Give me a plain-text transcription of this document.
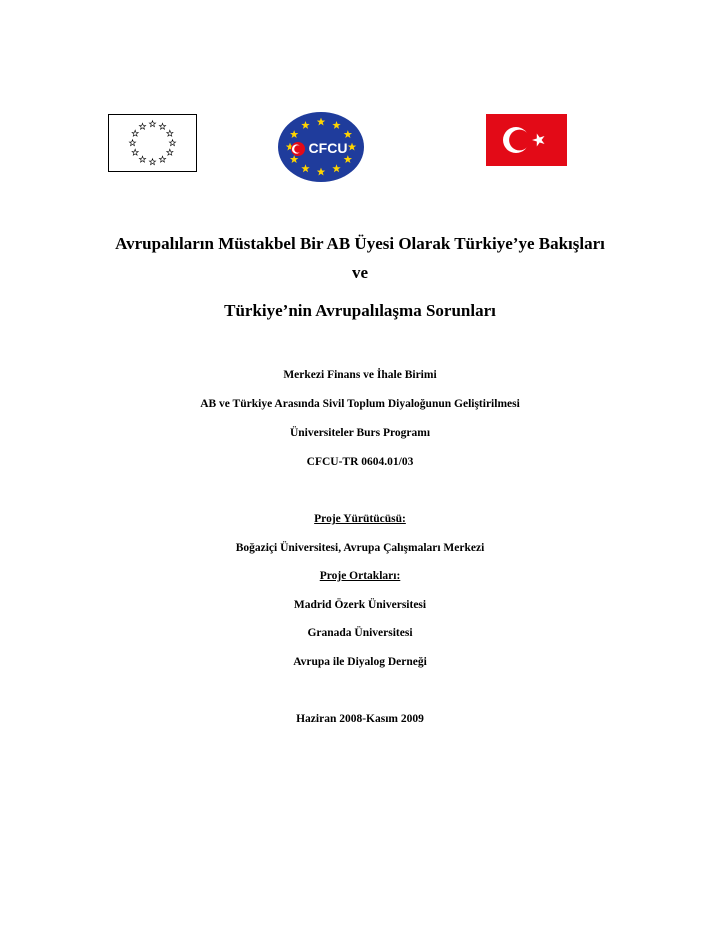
CFCU
Avrupalıların Müstakbel Bir AB Üyesi Olarak Türkiye’ye Bakışları
ve
Türkiye’nin Avrupalılaşma Sorunları
Merkezi Finans ve İhale Birimi
AB ve Türkiye Arasında Sivil Toplum Diyaloğunun Geliştirilmesi
Üniversiteler Burs Programı
CFCU-TR 0604.01/03
Proje Yürütücüsü:
Boğaziçi Üniversitesi, Avrupa Çalışmaları Merkezi
Proje Ortakları:
Madrid Özerk Üniversitesi
Granada Üniversitesi
Avrupa ile Diyalog Derneği
Haziran 2008-Kasım 2009
